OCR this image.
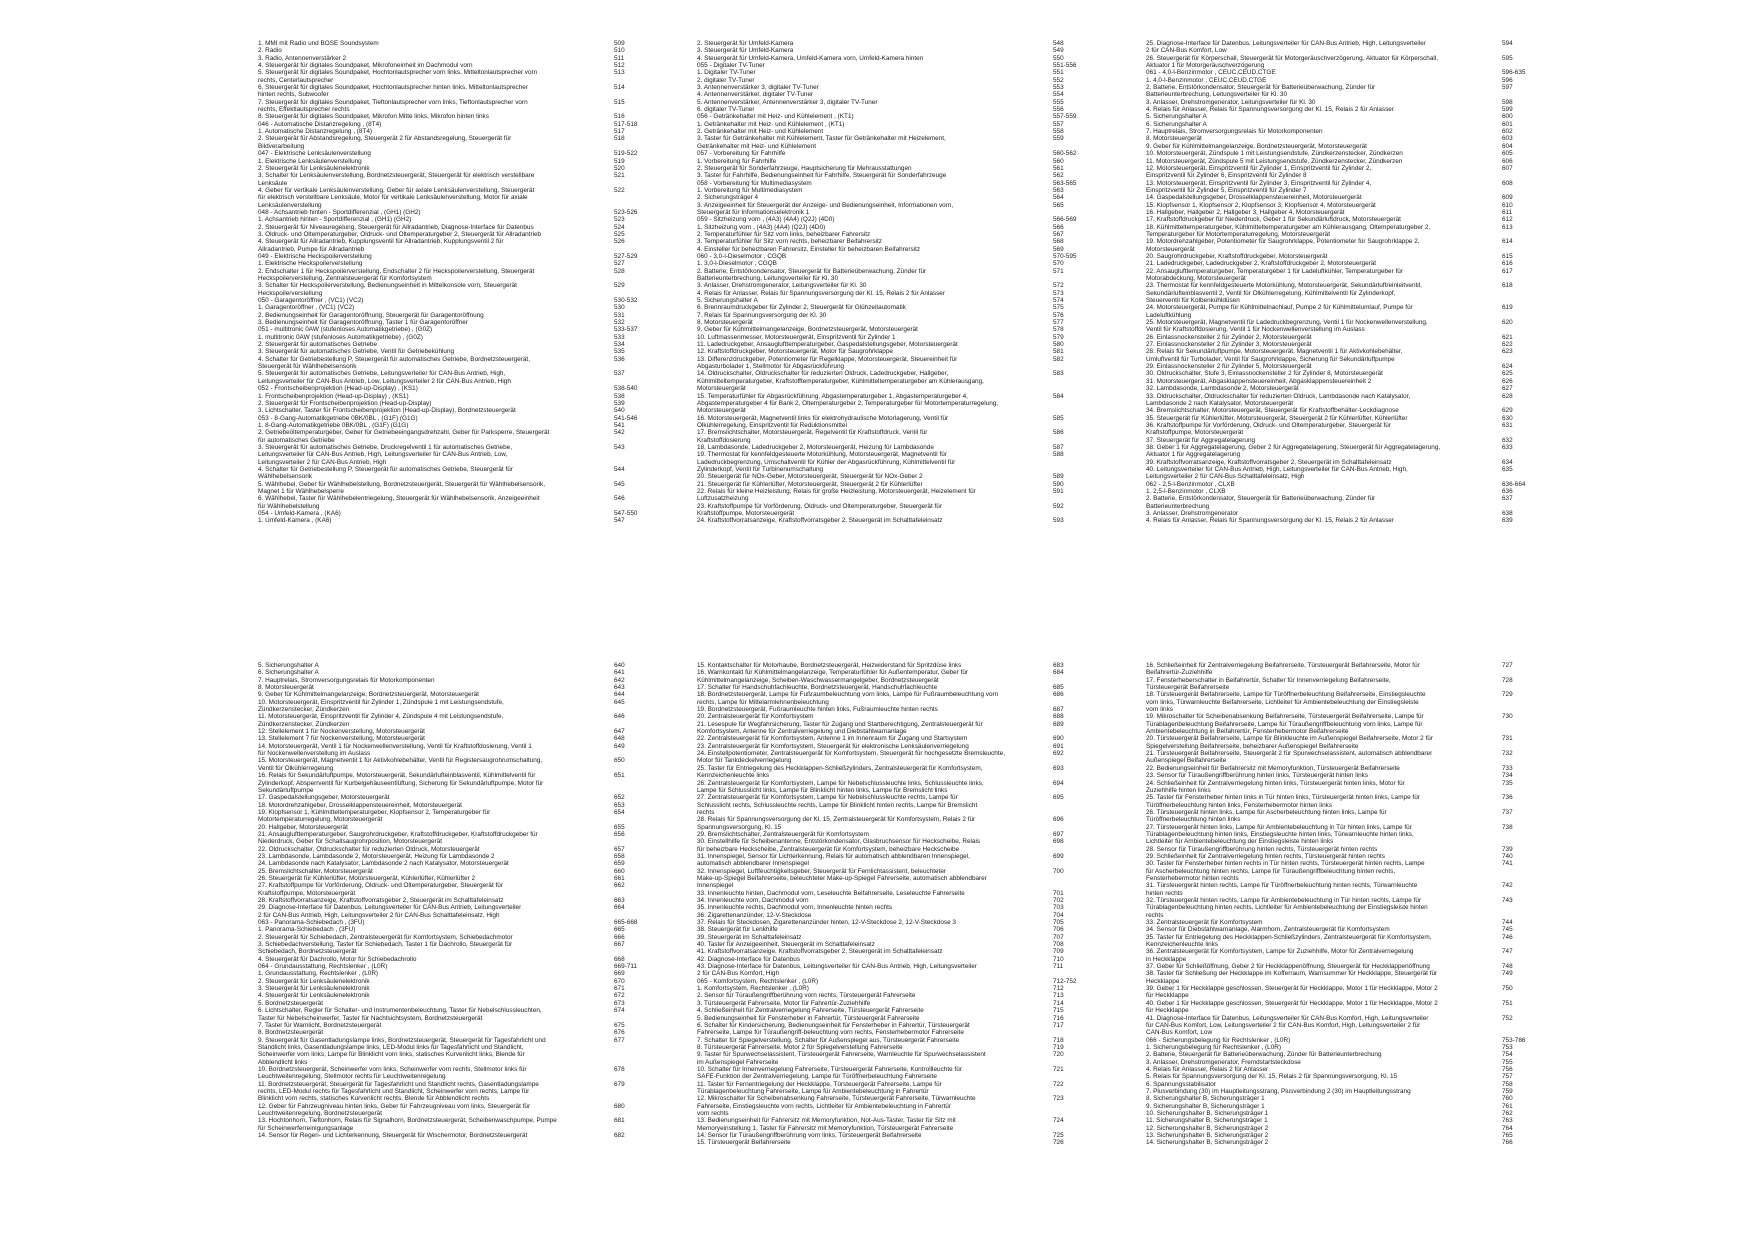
1. MMI mit Radio und BOSE Soundsystem	509
2. Radio	510
3. Radio, Antennenverstärker 2	511
4. Steuergerät für digitales Soundpaket, Mikrofoneinheit im Dachmodul vorn	512
5. Steuergerät für digitales Soundpaket, Hochtonlautsprecher vorn links, Mitteltonlautsprecher vorn	513
rechts, Centerlautsprecher
6. Steuergerät für digitales Soundpaket, Hochtonlautsprecher hinten links, Mitteltonlautsprecher	514
hinten rechts, Subwoofer
7. Steuergerät für digitales Soundpaket, Tieftonlautsprecher vorn links, Tieftonlautsprecher vorn	515
rechts, Effektlautsprecher rechts
8. Steuergerät für digitales Soundpaket, Mikrofon Mitte links, Mikrofon hinten links	516
046 - Automatische Distanzregelung , (8T4)	517-518
1. Automatische Distanzregelung , (8T4)	517
2. Steuergerät für Abstandsregelung, Steuergerät 2 für Abstandsregelung, Steuergerät für	518
Bildverarbeitung
047 - Elektrische Lenksäulenverstellung	519-522
1. Elektrische Lenksäulenverstellung	519
2. Steuergerät für Lenksäulenelektronik	520
3. Schalter für Lenksäulenverstellung, Bordnetzsteuergerät, Steuergerät für elektrisch verstellbare	521
Lenksäule
4. Geber für vertikale Lenksäulenverstellung, Geber für axiale Lenksäulenverstellung, Steuergerät	522
für elektrisch verstellbare Lenksäule, Motor für vertikale Lenksäulenverstellung, Motor für axiale
Lenksäulenverstellung
048 - Achsantrieb hinten - Sportdifferenzial , (GH1) (GH2)	523-526
1. Achsantrieb hinten - Sportdifferenzial , (GH1) (GH2)	523
2. Steuergerät für Niveauregelung, Steuergerät für Allradantrieb, Diagnose-Interface für Datenbus	524
3. Öldruck- und Öltemperaturgeber, Öldruck- und Öltemperaturgeber 2, Steuergerät für Allradantrieb	525
4. Steuergerät für Allradantrieb, Kupplungsventil für Allradantrieb, Kupplungsventil 2 für	526
Allradantrieb, Pumpe für Allradantrieb
049 - Elektrische Heckspoilerverstellung	527-529
1. Elektrische Heckspoilerverstellung	527
2. Endschalter 1 für Heckspoilerverstellung, Endschalter 2 für Heckspoilerverstellung, Steuergerät	528
Heckspoilerverstellung, Zentralsteuergerät für Komfortsystem
3. Schalter für Heckspoilerverstellung, Bedienungseinheit in Mittelkonsole vorn, Steuergerät	529
Heckspoilerverstellung
050 - Garagentoröffner , (VC1) (VC2)	530-532
1. Garagentoröffner , (VC1) (VC2)	530
2. Bedienungseinheit für Garagentoröffnung, Steuergerät für Garagentoröffnung	531
3. Bedienungseinheit für Garagentoröffnung, Taster 1 für Garagentoröffner	532
051 - multitronic 0AW (stufenloses Automatikgetriebe) , (G0Z)	533-537
1. multitronic 0AW (stufenloses Automatikgetriebe) , (G0Z)	533
2. Steuergerät für automatisches Getriebe	534
3. Steuergerät für automatisches Getriebe, Ventil für Getriebekühlung	535
4. Schalter für Getriebestellung P, Steuergerät für automatisches Getriebe, Bordnetzsteuergerät,	536
Steuergerät für Wählhebelsensorik
5. Steuergerät für automatisches Getriebe, Leitungsverteiler für CAN-Bus Antrieb, High,	537
Leitungsverteiler für CAN-Bus Antrieb, Low, Leitungsverteiler 2 für CAN-Bus Antrieb, High
052 - Frontscheibenprojektion (Head-up-Display) , (KS1)	538-540
1. Frontscheibenprojektion (Head-up-Display) , (KS1)	538
2. Steuergerät für Frontscheibenprojektion (Head-up-Display)	539
3. Lichtschalter, Taster für Frontscheibenprojektion (Head-up-Display), Bordnetzsteuergerät	540
053 - 8-Gang-Automatikgetriebe 0BK/0BL , (G1F) (G1G)	541-546
1. 8-Gang-Automatikgetriebe 0BK/0BL , (G1F) (G1G)	541
2. Getriebeöltemperaturgeber, Geber für Getriebeeingangsdrehzahl, Geber für Parksperre, Steuergerät	542
für automatisches Getriebe
3. Steuergerät für automatisches Getriebe, Druckregelventil 1 für automatisches Getriebe,	543
Leitungsverteiler für CAN-Bus Antrieb, High, Leitungsverteiler für CAN-Bus Antrieb, Low,
Leitungsverteiler 2 für CAN-Bus Antrieb, High
4. Schalter für Getriebestellung P, Steuergerät für automatisches Getriebe, Steuergerät für	544
Wählhebelsensorik
5. Wählhebel, Geber für Wählhebelstellung, Bordnetzsteuergerät, Steuergerät für Wählhebelsensorik,	545
Magnet 1 für Wählhebelsperre
6. Wählhebel, Taster für Wählhebelentriegelung, Steuergerät für Wählhebelsensorik, Anzeigeeinheit	546
für Wählhebelstellung
054 - Umfeld-Kamera , (KA6)	547-550
1. Umfeld-Kamera , (KA6)	547
2. Steuergerät für Umfeld-Kamera	548
3. Steuergerät für Umfeld-Kamera	549
4. Steuergerät für Umfeld-Kamera, Umfeld-Kamera vorn, Umfeld-Kamera hinten	550
055 - Digitaler TV-Tuner	551-556
1. Digitaler TV-Tuner	551
2. digitaler TV-Tuner	552
3. Antennenverstärker 3, digitaler TV-Tuner	553
4. Antennenverstärker, digitaler TV-Tuner	554
5. Antennenverstärker, Antennenverstärker 3, digitaler TV-Tuner	555
6. digitaler TV-Tuner	556
056 - Getränkehalter mit Heiz- und Kühlelement , (KT1)	557-559
1. Getränkehalter mit Heiz- und Kühlelement , (KT1)	557
2. Getränkehalter mit Heiz- und Kühlelement	558
3. Taster für Getränkehalter mit Kühlelement, Taster für Getränkehalter mit Heizelement,	559
Getränkehalter mit Heiz- und Kühlelement
057 - Vorbereitung für Fahrhilfe	560-562
1. Vorbereitung für Fahrhilfe	560
2. Steuergerät für Sonderfahrzeuge, Hauptsicherung für Mehrausstattungen	561
3. Taster für Fahrhilfe, Bedienungseinheit für Fahrhilfe, Steuergerät für Sonderfahrzeuge	562
058 - Vorbereitung für Multimediasystem	563-565
1. Vorbereitung für Multimediasystem	563
2. Sicherungsträger 4	564
3. Anzeigeeinheit für Steuergerät der Anzeige- und Bedienungseinheit, Informationen vorn,	565
Steuergerät für Informationselektronik 1
059 - Sitzheizung vorn , (4A3) (4A4) (Q2J) (4D0)	566-569
1. Sitzheizung vorn , (4A3) (4A4) (Q2J) (4D0)	566
2. Temperaturfühler für Sitz vorn links, beheizbarer Fahrersitz	567
3. Temperaturfühler für Sitz vorn rechts, beheizbarer Beifahrersitz	568
4. Einsteller für beheizbaren Fahrersitz, Einsteller für beheizbaren Beifahrersitz	569
060 - 3,0-l-Dieselmotor , CGQB	570-595
1. 3,0-l-Dieselmotor , CGQB	570
2. Batterie, Entstörkondensator, Steuergerät für Batterieüberwachung, Zünder für	571
Batterieunterbrechung, Leitungsverteiler für Kl. 30
3. Anlasser, Drehstromgenerator, Leitungsverteiler für Kl. 30	572
4. Relais für Anlasser, Relais für Spannungsversorgung der Kl. 15, Relais 2 für Anlasser	573
5. Sicherungshalter A	574
6. Brennraumdruckgeber für Zylinder 2, Steuergerät für Glühzeitautomatik	575
7. Relais für Spannungsversorgung der Kl. 30	576
8. Motorsteuergerät	577
9. Geber für Kühlmittelmangelanzeige, Bordnetzsteuergerät, Motorsteuergerät	578
10. Luftmassenmesser, Motorsteuergerät, Einspritzventil für Zylinder 1	579
11. Ladedruckgeber, Ansauglufttemperaturgeber, Gaspedalstellungsgeber, Motorsteuergerät	580
12. Kraftstoffdruckgeber, Motorsteuergerät, Motor für Saugrohrklappe	581
13. Differenzdruckgeber, Potentiometer für Regelklappe, Motorsteuergerät, Steuereinheit für	582
Abgasturbolader 1, Stellmotor für Abgasrückführung
14. Öldruckschalter, Öldruckschalter für reduzierten Öldruck, Ladedruckgeber, Hallgeber,	583
Kühlmitteltemperaturgeber, Kraftstofftemperaturgeber, Kühlmitteltemperaturgeber am Kühlerausgang,
Motorsteuergerät
15. Temperaturfühler für Abgasrückführung, Abgastemperaturgeber 1, Abgastemperaturgeber 4,	584
Abgastemperaturgeber 4 für Bank 2, Öltemperaturgeber 2, Temperaturgeber für Motortemperaturregelung,
Motorsteuergerät
16. Motorsteuergerät, Magnetventil links für elektrohydraulische Motorlagerung, Ventil für	585
Ölkühlerregelung, Einspritzventil für Reduktionsmittel
17. Bremslichtschalter, Motorsteuergerät, Regelventil für Kraftstoffdruck, Ventil für	586
Kraftstoffdosierung
18. Lambdasonde, Ladedruckgeber 2, Motorsteuergerät, Heizung für Lambdasonde	587
19. Thermostat für kennfeldgesteuerte Motorkühlung, Motorsteuergerät, Magnetventil für	588
Ladedruckbegrenzung, Umschaltventil für Kühler der Abgasrückführung, Kühlmittelventil für
Zylinderkopf, Ventil für Turbinenumschaltung
20. Steuergerät für NOx-Geber, Motorsteuergerät, Steuergerät für NOx-Geber 2	589
21. Steuergerät für Kühlerlüfter, Motorsteuergerät, Steuergerät 2 für Kühlerlüfter	590
22. Relais für kleine Heizleistung, Relais für große Heizleistung, Motorsteuergerät, Heizelement für	591
Luftzusatzheizung
23. Kraftstoffpumpe für Vorförderung, Öldruck- und Öltemperaturgeber, Steuergerät für	592
Kraftstoffpumpe, Motorsteuergerät
24. Kraftstoffvorratsanzeige, Kraftstoffvorratsgeber 2, Steuergerät im Schalttafeleinsatz	593
25. Diagnose-Interface für Datenbus, Leitungsverteiler für CAN-Bus Antrieb, High, Leitungsverteiler	594
2 für CAN-Bus Komfort, Low
26. Steuergerät für Körperschall, Steuergerät für Motorgeräuschverzögerung, Aktuator für Körperschall,	595
Aktuator 1 für Motorgeräuschverzögerung
061 - 4,0-l-Benzinmotor , CEUC,CEUD,CTGE	596-635
1. 4,0-l-Benzinmotor , CEUC,CEUD,CTGE	596
2. Batterie, Entstörkondensator, Steuergerät für Batterieüberwachung, Zünder für	597
Batterieunterbrechung, Leitungsverteiler für Kl. 30
3. Anlasser, Drehstromgenerator, Leitungsverteiler für Kl. 30	598
4. Relais für Anlasser, Relais für Spannungsversorgung der Kl. 15, Relais 2 für Anlasser	599
5. Sicherungshalter A	600
6. Sicherungshalter A	601
7. Hauptrelais, Stromversorgungsrelais für Motorkomponenten	602
8. Motorsteuergerät	603
9. Geber für Kühlmittelmangelanzeige, Bordnetzsteuergerät, Motorsteuergerät	604
10. Motorsteuergerät, Zündspule 1 mit Leistungsendstufe, Zündkerzenstecker, Zündkerzen	605
11. Motorsteuergerät, Zündspule 5 mit Leistungsendstufe, Zündkerzenstecker, Zündkerzen	606
12. Motorsteuergerät, Einspritzventil für Zylinder 1, Einspritzventil für Zylinder 2,	607
Einspritzventil für Zylinder 6, Einspritzventil für Zylinder 8
13. Motorsteuergerät, Einspritzventil für Zylinder 3, Einspritzventil für Zylinder 4,	608
Einspritzventil für Zylinder 5, Einspritzventil für Zylinder 7
14. Gaspedalstellungsgeber, Drosselklappensteuereinheit, Motorsteuergerät	609
15. Klopfsensor 1, Klopfsensor 2, Klopfsensor 3, Klopfsensor 4, Motorsteuergerät	610
16. Hallgeber, Hallgeber 2, Hallgeber 3, Hallgeber 4, Motorsteuergerät	611
17. Kraftstoffdruckgeber für Niederdruck, Geber 1 für Sekundärluftdruck, Motorsteuergerät	612
18. Kühlmitteltemperaturgeber, Kühlmitteltemperaturgeber am Kühlerausgang, Öltemperaturgeber 2,	613
Temperaturgeber für Motortemperaturregelung, Motorsteuergerät
19. Motordrehzahlgeber, Potentiometer für Saugrohrklappe, Potentiometer für Saugrohrklappe 2,	614
Motorsteuergerät
20. Saugrohrdruckgeber, Kraftstoffdruckgeber, Motorsteuergerät	615
21. Ladedruckgeber, Ladedruckgeber 2, Kraftstoffdruckgeber 2, Motorsteuergerät	616
22. Ansauglufttemperaturgeber, Temperaturgeber 1 für Ladeluftkühler, Temperaturgeber für	617
Motorabdeckung, Motorsteuergerät
23. Thermostat für kennfeldgesteuerte Motorkühlung, Motorsteuergerät, Sekundärluftreinleitventil,	618
Sekundärlufteinblasventil 2, Ventil für Ölkühlerregelung, Kühlmittelventil für Zylinderkopf,
Steuerventil für Kolbenkühldüsen
24. Motorsteuergerät, Pumpe für Kühlmittelnachlauf, Pumpe 2 für Kühlmittelumlauf, Pumpe für	619
Ladeluftkühlung
25. Motorsteuergerät, Magnetventil für Ladedruckbegrenzung, Ventil 1 für Nockenwellenverstellung,	620
Ventil für Kraftstoffdosierung, Ventil 1 für Nockenwellenverstellung im Auslass
26. Einlassnockensteller 2 für Zylinder 2, Motorsteuergerät	621
27. Einlassnockensteller 2 für Zylinder 3, Motorsteuergerät	622
28. Relais für Sekundärluftpumpe, Motorsteuergerät, Magnetventil 1 für Aktivkohlebehälter,	623
Umluftventil für Turbolader, Ventil für Saugrohrklappe, Sicherung für Sekundärluftpumpe
29. Einlassnockensteller 2 für Zylinder 5, Motorsteuergerät	624
30. Öldruckschalter, Stufe 3, Einlassnockensteller 2 für Zylinder 8, Motorsteuergerät	625
31. Motorsteuergerät, Abgasklappensteuereinheit, Abgasklappensteuereinheit 2	626
32. Lambdasonde, Lambdasonde 2, Motorsteuergerät	627
33. Öldruckschalter, Öldruckschalter für reduzierten Öldruck, Lambdasonde nach Katalysator,	628
Lambdasonde 2 nach Katalysator, Motorsteuergerät
34. Bremslichtschalter, Motorsteuergerät, Steuergerät für Kraftstoffbehälter-Leckdiagnose	629
35. Steuergerät für Kühlerlüfter, Motorsteuergerät, Steuergerät 2 für Kühlerlüfter, Kühlerlüfter	630
36. Kraftstoffpumpe für Vorförderung, Öldruck- und Öltemperaturgeber, Steuergerät für	631
Kraftstoffpumpe, Motorsteuergerät
37. Steuergerät für Aggregatelagerung	632
38. Geber 1 für Aggregatelagerung, Geber 2 für Aggregatelagerung, Steuergerät für Aggregatelagerung,	633
Aktuator 1 für Aggregatelagerung
39. Kraftstoffvorratsanzeige, Kraftstoffvorratsgeber 2, Steuergerät im Schalttafeleinsatz	634
40. Leitungsverteiler für CAN-Bus Antrieb, High, Leitungsverteiler für CAN-Bus Antrieb, High,	635
Leitungsverteiler 2 für CAN-Bus Schalttafeleinsatz, High
062 - 2,5-l-Benzinmotor , CLXB	636-664
1. 2,5-l-Benzinmotor , CLXB	636
2. Batterie, Entstörkondensator, Steuergerät für Batterieüberwachung, Zünder für	637
Batterieunterbrechung
3. Anlasser, Drehstromgenerator	638
4. Relais für Anlasser, Relais für Spannungsversorgung der Kl. 15, Relais 2 für Anlasser	639
5. Sicherungshalter A	640
6. Sicherungshalter A	641
7. Hauptrelais, Stromversorgungsrelais für Motorkomponenten	642
8. Motorsteuergerät	643
9. Geber für Kühlmittelmangelanzeige, Bordnetzsteuergerät, Motorsteuergerät	644
10. Motorsteuergerät, Einspritzventil für Zylinder 1, Zündspule 1 mit Leistungsendstufe,	645
Zündkerzenstecker, Zündkerzen
11. Motorsteuergerät, Einspritzventil für Zylinder 4, Zündspule 4 mit Leistungsendstufe,	646
Zündkerzenstecker, Zündkerzen
12. Stellelement 1 für Nockenverstellung, Motorsteuergerät	647
13. Stellelement 7 für Nockenverstellung, Motorsteuergerät	648
14. Motorsteuergerät, Ventil 1 für Nockenwellenverstellung, Ventil für Kraftstoffdosierung, Ventil 1	649
für Nockenwellenverstellung im Auslass
15. Motorsteuergerät, Magnetventil 1 für Aktivkohlebehälter, Ventil für Registersaugrohrumschaltung,	650
Ventil für Ölkühlerregelung
16. Relais für Sekundärluftpumpe, Motorsteuergerät, Sekundärlufteinblasventil, Kühlmittelventil für	651
Zylinderkopf, Absperrventil für Kurbelgehäuseentlüftung, Sicherung für Sekundärluftpumpe, Motor für
Sekundärluftpumpe
17. Gaspedalstellungsgeber, Motorsteuergerät	652
18. Motordrehzahlgeber, Drosselklappensteuereinheit, Motorsteuergerät	653
19. Klopfsensor 1, Kühlmitteltemperaturgeber, Klopfsensor 2, Temperaturgeber für	654
Motortemperaturregelung, Motorsteuergerät
20. Hallgeber, Motorsteuergerät	655
21. Ansauglufttemperaturgeber, Saugrohrdruckgeber, Kraftstoffdruckgeber, Kraftstoffdruckgeber für	656
Niederdruck, Geber für Schaltsaugrohrposition, Motorsteuergerät
22. Öldruckschalter, Öldruckschalter für reduzierten Öldruck, Motorsteuergerät	657
23. Lambdasonde, Lambdasonde 2, Motorsteuergerät, Heizung für Lambdasonde 2	658
24. Lambdasonde nach Katalysator, Lambdasonde 2 nach Katalysator, Motorsteuergerät	659
25. Bremslichtschalter, Motorsteuergerät	660
26. Steuergerät für Kühlerlüfter, Motorsteuergerät, Kühlerlüfter, Kühlerlüfter 2	661
27. Kraftstoffpumpe für Vorförderung, Öldruck- und Öltemperaturgeber, Steuergerät für	662
Kraftstoffpumpe, Motorsteuergerät
28. Kraftstoffvorratsanzeige, Kraftstoffvorratsgeber 2, Steuergerät im Schalttafeleinsatz	663
29. Diagnose-Interface für Datenbus, Leitungsverteiler für CAN-Bus Antrieb, Leitungsverteiler	664
2 für CAN-Bus Antrieb, High, Leitungsverteiler 2 für CAN-Bus Schalttafeleinsatz, High
063 - Panorama-Schiebedach , (3FU)	665-668
1. Panorama-Schiebedach , (3FU)	665
2. Steuergerät für Schiebedach, Zentralsteuergerät für Komfortsystem, Schiebedachmotor	666
3. Schiebedachverstellung, Taster für Schiebedach, Taster 1 für Dachrollo, Steuergerät für	667
Schiebedach, Bordnetzsteuergerät
4. Steuergerät für Dachrollo, Motor für Schiebedachrollo	668
064 - Grundausstattung, Rechtslenker , (L0R)	669-711
1. Grundausstattung, Rechtslenker , (L0R)	669
2. Steuergerät für Lenksäulenelektronik	670
3. Steuergerät für Lenksäulenelektronik	671
4. Steuergerät für Lenksäulenelektronik	672
5. Bordnetzsteuergerät	673
6. Lichtschalter, Regler für Schalter- und Instrumentenbeleuchtung, Taster für Nebelschlussleuchten,	674
Taster für Nebelscheinwerfer, Taster für Nachtsichtsystem, Bordnetzsteuergerät
7. Taster für Warnlicht, Bordnetzsteuergerät	675
8. Bordnetzsteuergerät	676
9. Steuergerät für Gasentladungslampe links, Bordnetzsteuergerät, Steuergerät für Tagesfahrlicht und	677
Standlicht links, Gasentladungslampe links, LED-Modul links für Tagesfahrlicht und Standlicht,
Scheinwerfer vorn links, Lampe für Blinklicht vorn links, statisches Kurvenlicht links, Blende für
Abblendlicht links
10. Bordnetzsteuergerät, Scheinwerfer vorn links, Scheinwerfer vorn rechts, Stellmotor links für	678
Leuchtweitenregelung, Stellmotor rechts für Leuchtweitenregelung
11. Bordnetzsteuergerät, Steuergerät für Tagesfahrlicht und Standlicht rechts, Gasentladungslampe	679
rechts, LED-Modul rechts für Tagesfahrlicht und Standlicht, Scheinwerfer vorn rechts, Lampe für
Blinklicht vorn rechts, statisches Kurvenlicht rechts, Blende für Abblendlicht rechts
12. Geber für Fahrzeugniveau hinten links, Geber für Fahrzeugniveau vorn links, Steuergerät für	680
Leuchtweitenregelung, Bordnetzsteuergerät
13. Hochtonhorn, Tieftonhorn, Relais für Signalhorn, Bordnetzsteuergerät, Scheibenwaschpumpe, Pumpe	681
für Scheinwerferreinigungsanlage
14. Sensor für Regen- und Lichterkennung, Steuergerät für Wischermotor, Bordnetzsteuergerät	682
15. Kontaktschalter für Motorhaube, Bordnetzsteuergerät, Heizwiderstand für Spritzdüse links	683
16. Warnkontakt für Kühlmittelmangelanzeige, Temperaturfühler für Außentemperatur, Geber für	684
Kühlmittelmangelanzeige, Scheiben-Waschwassermangelgeber, Bordnetzsteuergerät
17. Schalter für Handschuhfachleuchte, Bordnetzsteuergerät, Handschuhfachleuchte	685
18. Bordnetzsteuergerät, Lampe für Fußraumbeleuchtung vorn links, Lampe für Fußraumbeleuchtung vorn	686
rechts, Lampe für Mittelarmlehnenbeleuchtung
19. Bordnetzsteuergerät, Fußraumleuchte hinten links, Fußraumleuchte hinten rechts	687
20. Zentralsteuergerät für Komfortsystem	688
21. Lesespule für Wegfahrsicherung, Taster für Zugang und Startberechtigung, Zentralsteuergerät für	689
Komfortsystem, Antenne für Zentralverriegelung und Diebstahlwarnanlage
22. Zentralsteuergerät für Komfortsystem, Antenne 1 im Innenraum für Zugang und Startsystem	690
23. Zentralsteuergerät für Komfortsystem, Steuergerät für elektronische Lenksäulenverriegelung	691
24. Einstellpotentiometer, Zentralsteuergerät für Komfortsystem, Steuergerät für hochgesetzte Bremsleuchte,	692
Motor für Tankdeckelverriegelung
25. Taster für Entriegelung des Heckklappen-Schließzylinders, Zentralsteuergerät für Komfortsystem,	693
Kennzeichenleuchte links
26. Zentralsteuergerät für Komfortsystem, Lampe für Nebelschlussleuchte links, Schlussleuchte links,	694
Lampe für Schlusslicht links, Lampe für Blinklicht hinten links, Lampe für Bremslicht links
27. Zentralsteuergerät für Komfortsystem, Lampe für Nebelschlussleuchte rechts, Lampe für	695
Schlusslicht rechts, Schlussleuchte rechts, Lampe für Blinklicht hinten rechts, Lampe für Bremslicht
rechts
28. Relais für Spannungsversorgung der Kl. 15, Zentralsteuergerät für Komfortsystem, Relais 2 für	696
Spannungsversorgung, Kl. 15
29. Bremslichtschalter, Zentralsteuergerät für Komfortsystem	697
30. Einstellhilfe für Scheibenantenne, Entstörkondensator, Glasbruchsensor für Heckscheibe, Relais	698
für beheizbare Heckscheibe, Zentralsteuergerät für Komfortsystem, beheizbare Heckscheibe
31. Innenspiegel, Sensor für Lichterkennung, Relais für automatisch abblendbaren Innenspiegel,	699
automatisch abblendbarer Innenspiegel
32. Innenspiegel, Luftfeuchtigkeitsgeber, Steuergerät für Fernlichtassistent, beleuchteter	700
Make-up-Spiegel Beifahrerseite, beleuchteter Make-up-Spiegel Fahrerseite, automatisch abblendbarer
Innenspiegel
33. Innenleuchte hinten, Dachmodul vorn, Leseleuchte Beifahrerseite, Leseleuchte Fahrerseite	701
34. Innenleuchte vorn, Dachmodul vorn	702
35. Innenleuchte rechts, Dachmodul vorn, Innenleuchte hinten rechts	703
36. Zigarettenanzünder, 12-V-Steckdose	704
37. Relais für Steckdosen, Zigarettenanzünder hinten, 12-V-Steckdose 2, 12-V-Steckdose 3	705
38. Steuergerät für Lenkhilfe	706
39. Steuergerät im Schalttafeleinsatz	707
40. Taster für Anzeigeeinheit, Steuergerät im Schalttafeleinsatz	708
41. Kraftstoffvorratsanzeige, Kraftstoffvorratsgeber 2, Steuergerät im Schalttafeleinsatz	709
42. Diagnose-Interface für Datenbus	710
43. Diagnose-Interface für Datenbus, Leitungsverteiler für CAN-Bus Antrieb, High, Leitungsverteiler	711
2 für CAN-Bus Komfort, High
065 - Komfortsystem, Rechtslenker , (L0R)	712-752
1. Komfortsystem, Rechtslenker , (L0R)	712
2. Sensor für Türaußengriffberührung vorn rechts, Türsteuergerät Fahrerseite	713
3. Türsteuergerät Fahrerseite, Motor für Fahrertür-Zuziehhilfe	714
4. Schließeinheit für Zentralverriegelung Fahrerseite, Türsteuergerät Fahrerseite	715
5. Bedienungseinheit für Fensterheber in Fahrertür, Türsteuergerät Fahrerseite	716
6. Schalter für Kindersicherung, Bedienungseinheit für Fensterheber in Fahrertür, Türsteuergerät	717
Fahrerseite, Lampe für Türaußengriff-beleuchtung vorn rechts, Fensterhebermotor Fahrerseite
7. Schalter für Spiegelverstellung, Schalter für Außenspiegel aus, Türsteuergerät Fahrerseite	718
8. Türsteuergerät Fahrerseite, Motor 2 für Spiegelverstellung Fahrerseite	719
9. Taster für Spurwechselassistent, Türsteuergerät Fahrerseite, Warnleuchte für Spurwechselassistent	720
im Außenspiegel Fahrerseite
10. Schalter für Innenverriegelung Fahrerseite, Türsteuergerät Fahrerseite, Kontrollleuchte für	721
SAFE-Funktion der Zentralverriegelung, Lampe für Türöffnerbeleuchtung Fahrerseite
11. Taster für Fernentriegelung der Heckklappe, Türsteuergerät Fahrerseite, Lampe für	722
Türablagenbeleuchtung Fahrerseite, Lampe für Ambientebeleuchtung in Fahrertür
12. Mikroschalter für Scheibenabsenkung Fahrerseite, Türsteuergerät Fahrerseite, Türwarnleuchte	723
Fahrerseite, Einstiegsleuchte vorn rechts, Lichtleiter für Ambientebeleuchtung in Fahrertür
vorn rechts
13. Bedienungseinheit für Fahrersitz mit Memoryfunktion, Not-Aus-Taster, Taster für Sitz mit	724
Memoryeinstellung 1, Taster für Fahrersitz mit Memoryfunktion, Türsteuergerät Fahrerseite
14. Sensor für Türaußengriffberührung vorn links, Türsteuergerät Beifahrerseite	725
15. Türsteuergerät Beifahrerseite	726
16. Schließeinheit für Zentralverriegelung Beifahrerseite, Türsteuergerät Beifahrerseite, Motor für	727
Beifahrertür-Zuziehhilfe
17. Fensterheberschalter in Beifahrertür, Schalter für Innenverriegelung Beifahrerseite,	728
Türsteuergerät Beifahrerseite
18. Türsteuergerät Beifahrerseite, Lampe für Türöffnerbeleuchtung Beifahrerseite, Einstiegsleuchte	729
vorn links, Türwarnleuchte Beifahrerseite, Lichtleiter für Ambientebeleuchtung der Einstiegsleiste
vorn links
19. Mikroschalter für Scheibenabsenkung Beifahrerseite, Türsteuergerät Beifahrerseite, Lampe für	730
Türablagenbeleuchtung Beifahrerseite, Lampe für Türaußengriffbeleuchtung vorn links, Lampe für
Ambientebeleuchtung in Beifahrertür, Fensterhebermotor Beifahrerseite
20. Türsteuergerät Beifahrerseite, Lampe für Blinkleuchte im Außenspiegel Beifahrerseite, Motor 2 für	731
Spiegelverstellung Beifahrerseite, beheizbarer Außenspiegel Beifahrerseite
21. Türsteuergerät Beifahrerseite, Steuergerät 2 für Spurwechselassistent, automatisch abblendbarer	732
Außenspiegel Beifahrerseite
22. Bedienungseinheit für Beifahrersitz mit Memoryfunktion, Türsteuergerät Beifahrerseite	733
23. Sensor für Türaußengriffberührung hinten links, Türsteuergerät hinten links	734
24. Schließeinheit für Zentralverriegelung hinten links, Türsteuergerät hinten links, Motor für	735
Zuziehhilfe hinten links
25. Taster für Fensterheber hinten links in Tür hinten links, Türsteuergerät hinten links, Lampe für	736
Türöffnerbeleuchtung hinten links, Fensterhebermotor hinten links
26. Türsteuergerät hinten links, Lampe für Ascherbeleuchtung hinten links, Lampe für	737
Türöffnerbeleuchtung hinten links
27. Türsteuergerät hinten links, Lampe für Ambientebeleuchtung in Tür hinten links, Lampe für	738
Türablagenbeleuchtung hinten links, Einstiegsleuchte hinten links, Türwarnleuchte hinten links,
Lichtleiter für Ambientebeleuchtung der Einstiegsleiste hinten links
28. Sensor für Türaußengriffberührung hinten rechts, Türsteuergerät hinten rechts	739
29. Schließeinheit für Zentralverriegelung hinten rechts, Türsteuergerät hinten rechts	740
30. Taster für Fensterheber hinten rechts in Tür hinten rechts, Türsteuergerät hinten rechts, Lampe	741
für Ascherbeleuchtung hinten rechts, Lampe für Türaußengriffbeleuchtung hinten rechts,
Fensterhebermotor hinten rechts
31. Türsteuergerät hinten rechts, Lampe für Türöffnerbeleuchtung hinten rechts, Türwarnleuchte	742
hinten rechts
32. Türsteuergerät hinten rechts, Lampe für Ambientebeleuchtung in Tür hinten rechts, Lampe für	743
Türablagenbeleuchtung hinten rechts, Lichtleiter für Ambientebeleuchtung der Einstiegsleiste hinten
rechts
33. Zentralsteuergerät für Komfortsystem	744
34. Sensor für Diebstahlwarnanlage, Alarmhorn, Zentralsteuergerät für Komfortsystem	745
35. Taster für Entriegelung des Heckklappen-Schließzylinders, Zentralsteuergerät für Komfortsystem,	746
Kennzeichenleuchte links
36. Zentralsteuergerät für Komfortsystem, Lampe für Zuziehhilfe, Motor für Zentralverriegelung	747
in Heckklappe
37. Geber für Schließöffnung, Geber 2 für Heckklappenöffnung, Steuergerät für Heckklappenöffnung	748
38. Taster für Schließung der Heckklappe im Kofferraum, Warnsummer für Heckklappe, Steuergerät für	749
Heckklappe
39. Geber 1 für Heckklappe geschlossen, Steuergerät für Heckklappe, Motor 1 für Heckklappe, Motor 2	750
für Heckklappe
40. Geber 1 für Heckklappe geschlossen, Steuergerät für Heckklappe, Motor 1 für Heckklappe, Motor 2	751
für Heckklappe
41. Diagnose-Interface für Datenbus, Leitungsverteiler für CAN-Bus Komfort, High, Leitungsverteiler	752
für CAN-Bus Komfort, Low, Leitungsverteiler 2 für CAN-Bus Komfort, High, Leitungsverteiler 2 für
CAN-Bus Komfort, Low
066 - Sicherungsbelegung für Rechtslenker , (L0R)	753-786
1. Sicherungsbelegung für Rechtslenker , (L0R)	753
2. Batterie, Steuergerät für Batterieüberwachung, Zünder für Batterieunterbrechung	754
3. Anlasser, Drehstromgenerator, Fremdstartsteckdose	755
4. Relais für Anlasser, Relais 2 für Anlasser	756
5. Relais für Spannungsversorgung der Kl. 15, Relais 2 für Spannungsversorgung, Kl. 15	757
6. Spannungsstabilisator	758
7. Plusverbindung (30) im Hauptleitungsstrang, Plusverbindung 2 (30) im Hauptleitungsstrang	759
8. Sicherungshalter B, Sicherungsträger 1	760
9. Sicherungshalter B, Sicherungsträger 1	761
10. Sicherungshalter B, Sicherungsträger 1	762
11. Sicherungshalter B, Sicherungsträger 1	763
12. Sicherungshalter B, Sicherungsträger 2	764
13. Sicherungshalter B, Sicherungsträger 2	765
14. Sicherungshalter B, Sicherungsträger 2	766
